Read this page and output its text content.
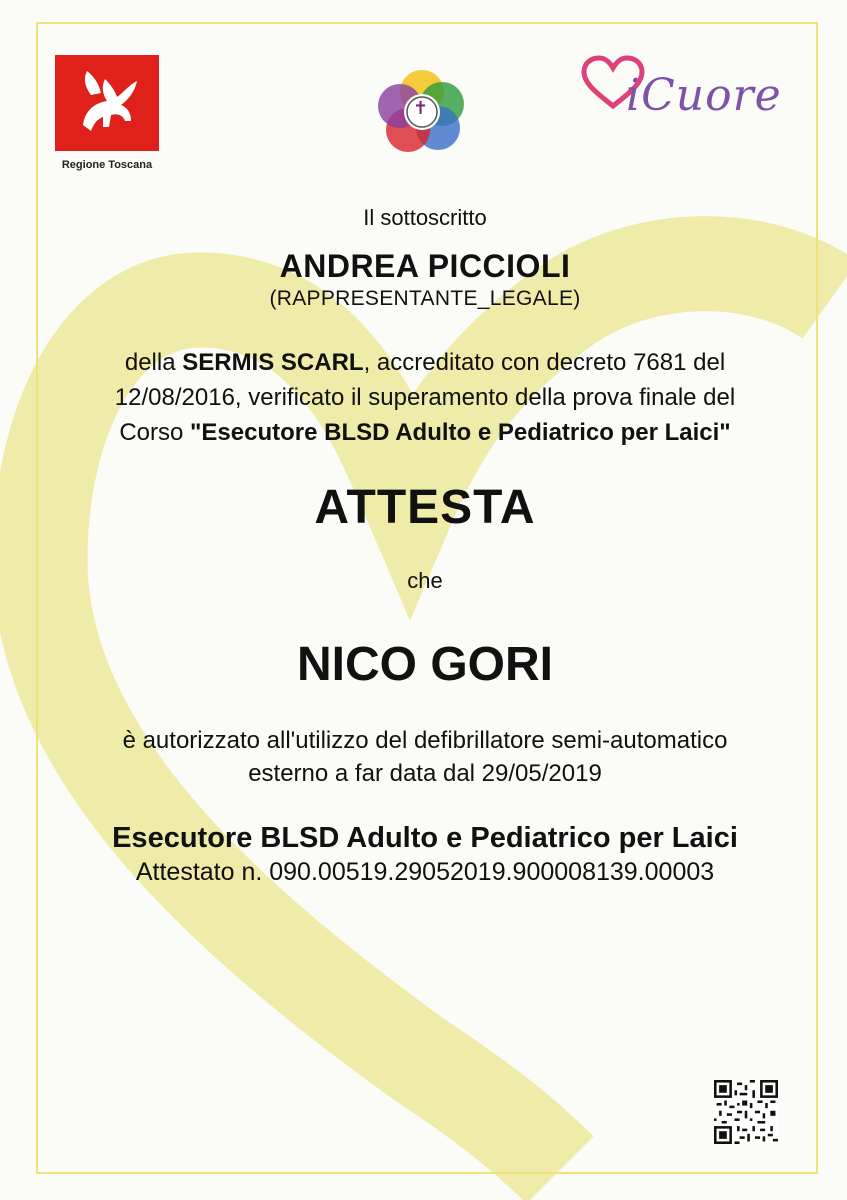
Regione Toscana
✝	iCuore
Il sottoscritto
ANDREA PICCIOLI
(RAPPRESENTANTE_LEGALE)
della SERMIS SCARL, accreditato con decreto 7681 del
12/08/2016, verificato il superamento della prova finale del
Corso "Esecutore BLSD Adulto e Pediatrico per Laici"
ATTESTA
che
NICO GORI
è autorizzato all'utilizzo del defibrillatore semi-automatico
esterno a far data dal 29/05/2019
Esecutore BLSD Adulto e Pediatrico per Laici
Attestato n. 090.00519.29052019.900008139.00003
